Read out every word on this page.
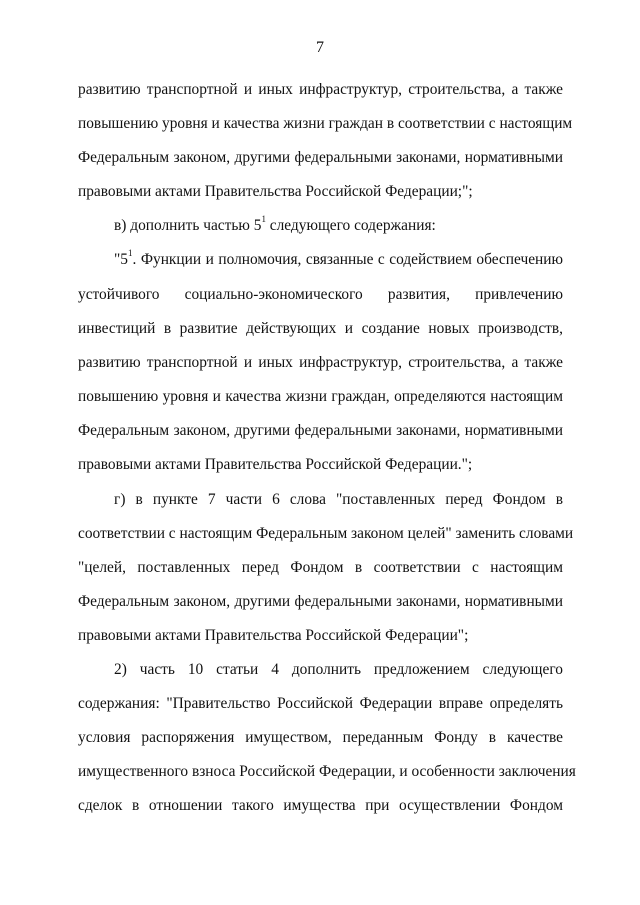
7
развитию транспортной и иных инфраструктур, строительства, а также
повышению уровня и качества жизни граждан в соответствии с настоящим
Федеральным законом, другими федеральными законами, нормативными
правовыми актами Правительства Российской Федерации;";
в) дополнить частью $5^1$ следующего содержания:
"$5^1$. Функции и полномочия, связанные с содействием обеспечению
устойчивого социально-экономического развития, привлечению
инвестиций в развитие действующих и создание новых производств,
развитию транспортной и иных инфраструктур, строительства, а также
повышению уровня и качества жизни граждан, определяются настоящим
Федеральным законом, другими федеральными законами, нормативными
правовыми актами Правительства Российской Федерации.";
г) в пункте 7 части 6 слова "поставленных перед Фондом в
соответствии с настоящим Федеральным законом целей" заменить словами
"целей, поставленных перед Фондом в соответствии с настоящим
Федеральным законом, другими федеральными законами, нормативными
правовыми актами Правительства Российской Федерации";
2) часть 10 статьи 4 дополнить предложением следующего
содержания: "Правительство Российской Федерации вправе определять
условия распоряжения имуществом, переданным Фонду в качестве
имущественного взноса Российской Федерации, и особенности заключения
сделок в отношении такого имущества при осуществлении Фондом
